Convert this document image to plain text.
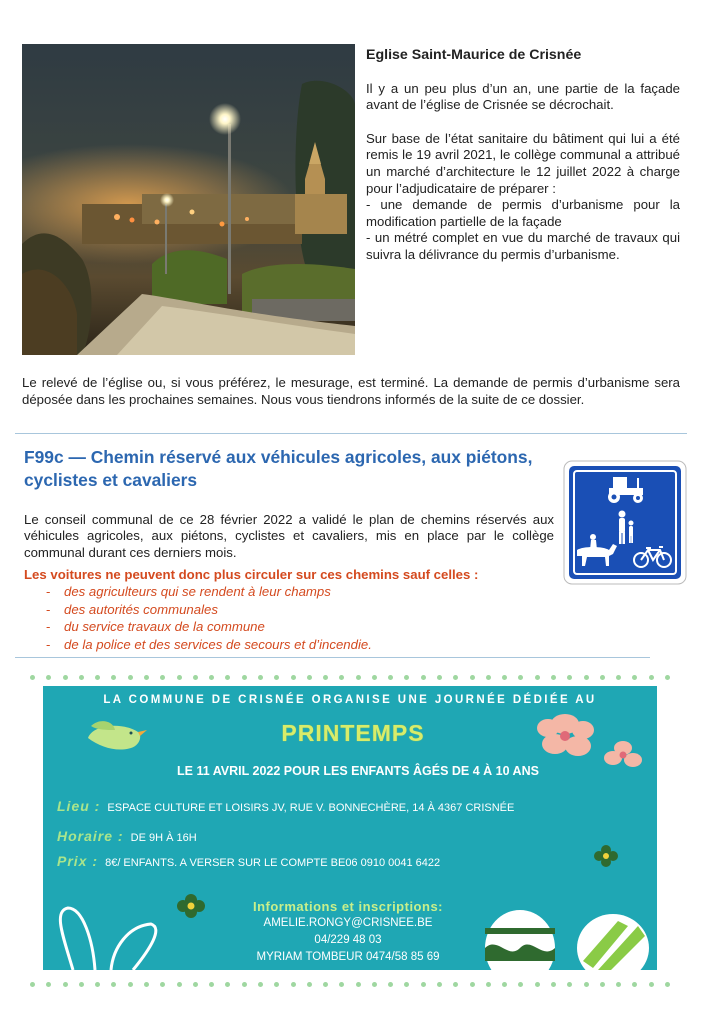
Eglise Saint-Maurice de Crisnée

Il y a un peu plus d’un an, une partie de la façade avant de l’église de Crisnée se décrochait.

Sur base de l’état sanitaire du bâtiment qui lui a été remis le 19 avril 2021, le collège communal a attribué un marché d’architecture le 12 juillet 2022 à charge pour l’adjudicataire de préparer :
- une demande de permis d’urbanisme pour la modification partielle de la façade
- un métré complet en vue du marché de travaux qui suivra la délivrance du permis d’urbanisme.
Le relevé de l’église ou, si vous préférez, le mesurage, est terminé. La demande de permis d’urbanisme sera déposée dans les prochaines semaines. Nous vous tiendrons informés de la suite de ce dossier.
F99c — Chemin réservé aux véhicules agricoles, aux piétons, cyclistes et cavaliers
Le conseil communal de ce 28 février 2022 a validé le plan de chemins réservés aux véhicules agricoles, aux piétons, cyclistes et cavaliers, mis en place par le collège communal durant ces derniers mois.
Les voitures ne peuvent donc plus circuler sur ces chemins sauf celles :
-	des agriculteurs qui se rendent à leur champs
-	des autorités communales
-	du service travaux de la commune
-	de la police et des services de secours et d’incendie.
LA COMMUNE DE CRISNÉE ORGANISE UNE JOURNÉE DÉDIÉE AU
PRINTEMPS
LE 11 AVRIL 2022 POUR LES ENFANTS ÂGÉS DE 4 À 10 ANS
Lieu : ESPACE CULTURE ET LOISIRS JV, RUE V. BONNECHÈRE, 14 À 4367 CRISNÉE
Horaire : DE 9H À 16H
Prix : 8€/ ENFANTS. A VERSER SUR LE COMPTE BE06 0910 0041 6422
Informations et inscriptions:
AMELIE.RONGY@CRISNEE.BE
04/229 48 03
MYRIAM TOMBEUR 0474/58 85 69
